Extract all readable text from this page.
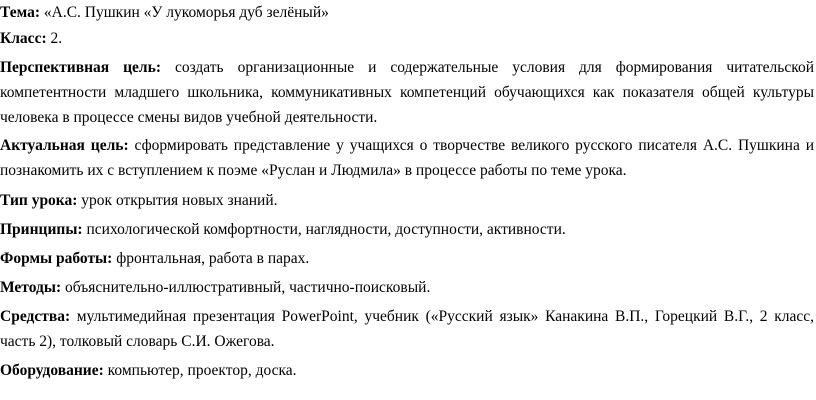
Тема: «А.С. Пушкин «У лукоморья дуб зелёный»

Класс: 2.

Перспективная цель: создать организационные и содержательные условия для формирования читательской компетентности младшего школьника, коммуникативных компетенций обучающихся как показателя общей культуры человека в процессе смены видов учебной деятельности.

Актуальная цель: сформировать представление у учащихся о творчестве великого русского писателя А.С. Пушкина и познакомить их с вступлением к поэме «Руслан и Людмила» в процессе работы по теме урока.

Тип урока: урок открытия новых знаний.

Принципы: психологической комфортности, наглядности, доступности, активности.

Формы работы: фронтальная, работа в парах.

Методы: объяснительно-иллюстративный, частично-поисковый.

Средства: мультимедийная презентация PowerPoint, учебник («Русский язык» Канакина В.П., Горецкий В.Г., 2 класс, часть 2), толковый словарь С.И. Ожегова.

Оборудование: компьютер, проектор, доска.
